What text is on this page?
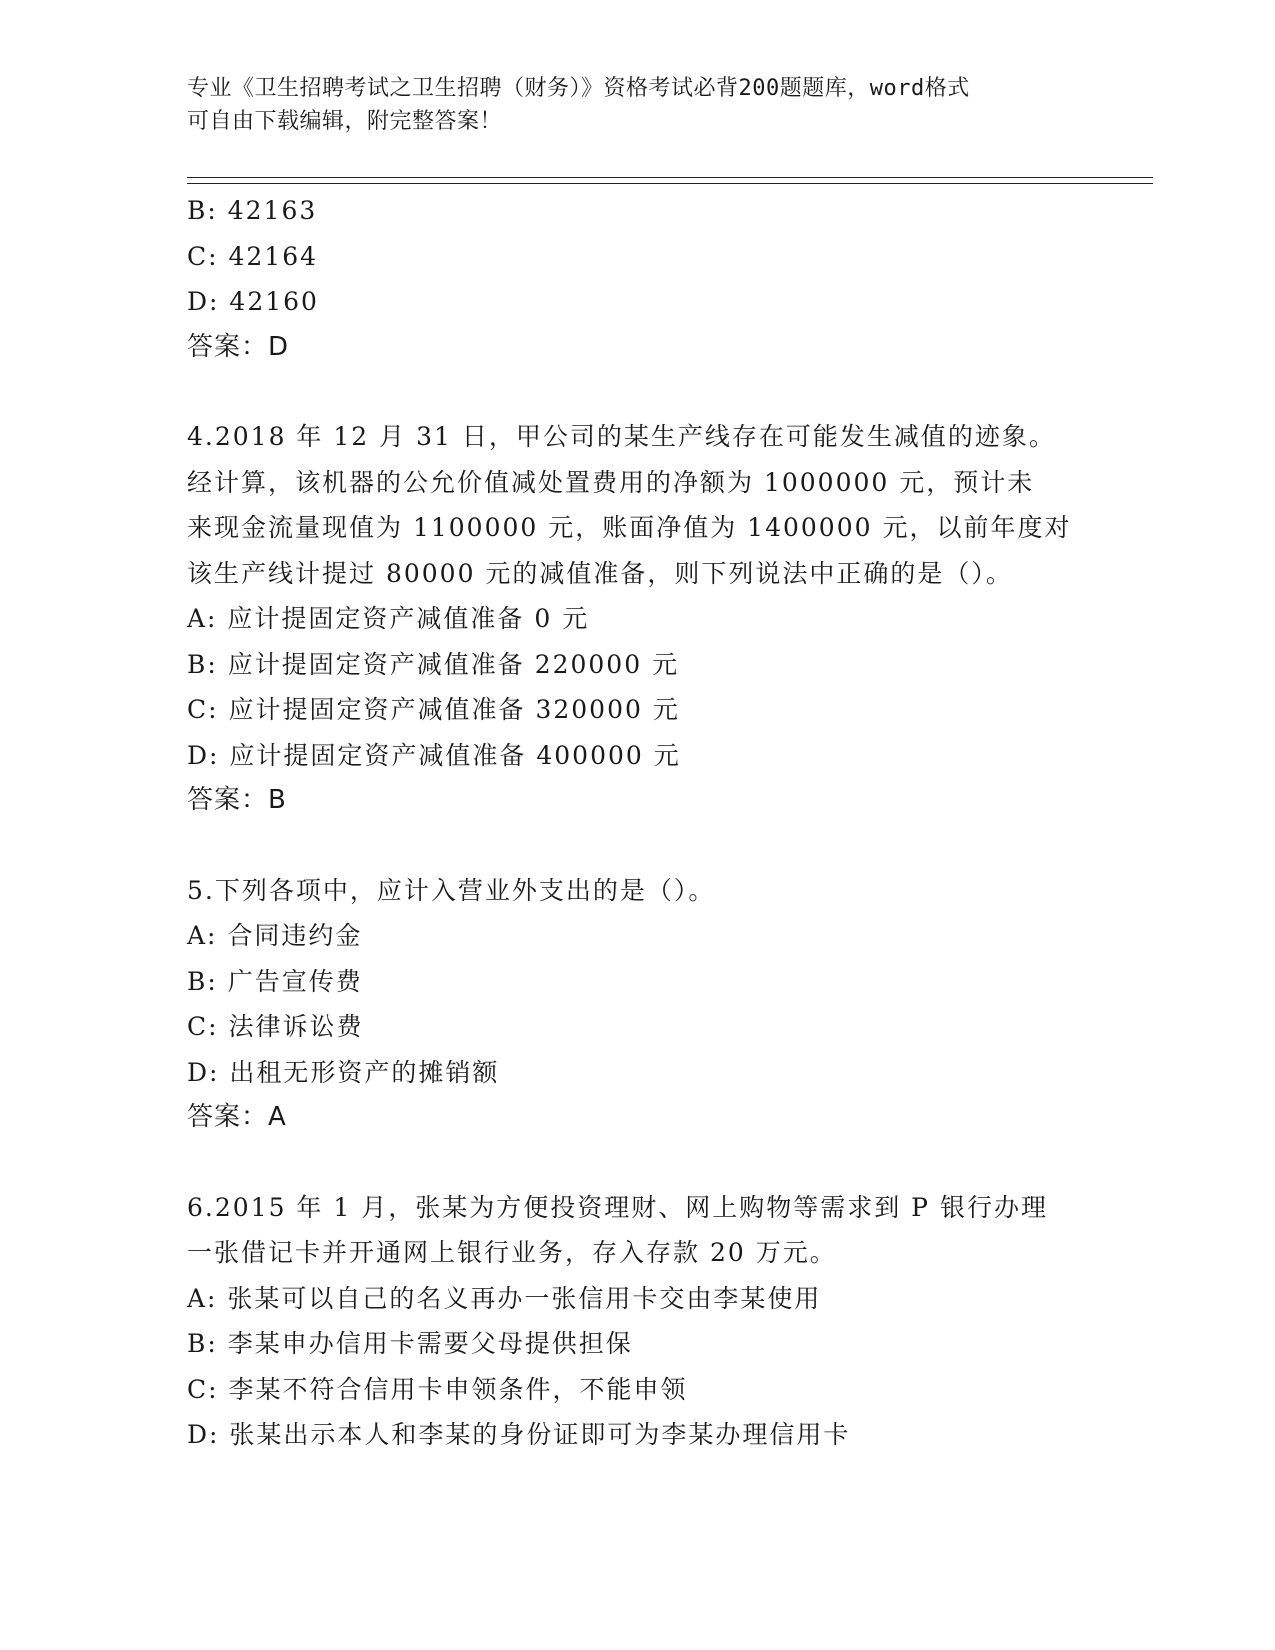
专业《卫生招聘考试之卫生招聘（财务）》资格考试必背200题题库，word格式
可自由下载编辑，附完整答案！
B: 42163
C: 42164
D: 42160
答案：D
4.2018 年 12 月 31 日，甲公司的某生产线存在可能发生减值的迹象。
经计算，该机器的公允价值减处置费用的净额为 1000000 元，预计未
来现金流量现值为 1100000 元，账面净值为 1400000 元，以前年度对
该生产线计提过 80000 元的减值准备，则下列说法中正确的是（）。
A: 应计提固定资产减值准备 0 元
B: 应计提固定资产减值准备 220000 元
C: 应计提固定资产减值准备 320000 元
D: 应计提固定资产减值准备 400000 元
答案：B
5.下列各项中，应计入营业外支出的是（）。
A: 合同违约金
B: 广告宣传费
C: 法律诉讼费
D: 出租无形资产的摊销额
答案：A
6.2015 年 1 月，张某为方便投资理财、网上购物等需求到 P 银行办理
一张借记卡并开通网上银行业务，存入存款 20 万元。
A: 张某可以自己的名义再办一张信用卡交由李某使用
B: 李某申办信用卡需要父母提供担保
C: 李某不符合信用卡申领条件，不能申领
D: 张某出示本人和李某的身份证即可为李某办理信用卡
